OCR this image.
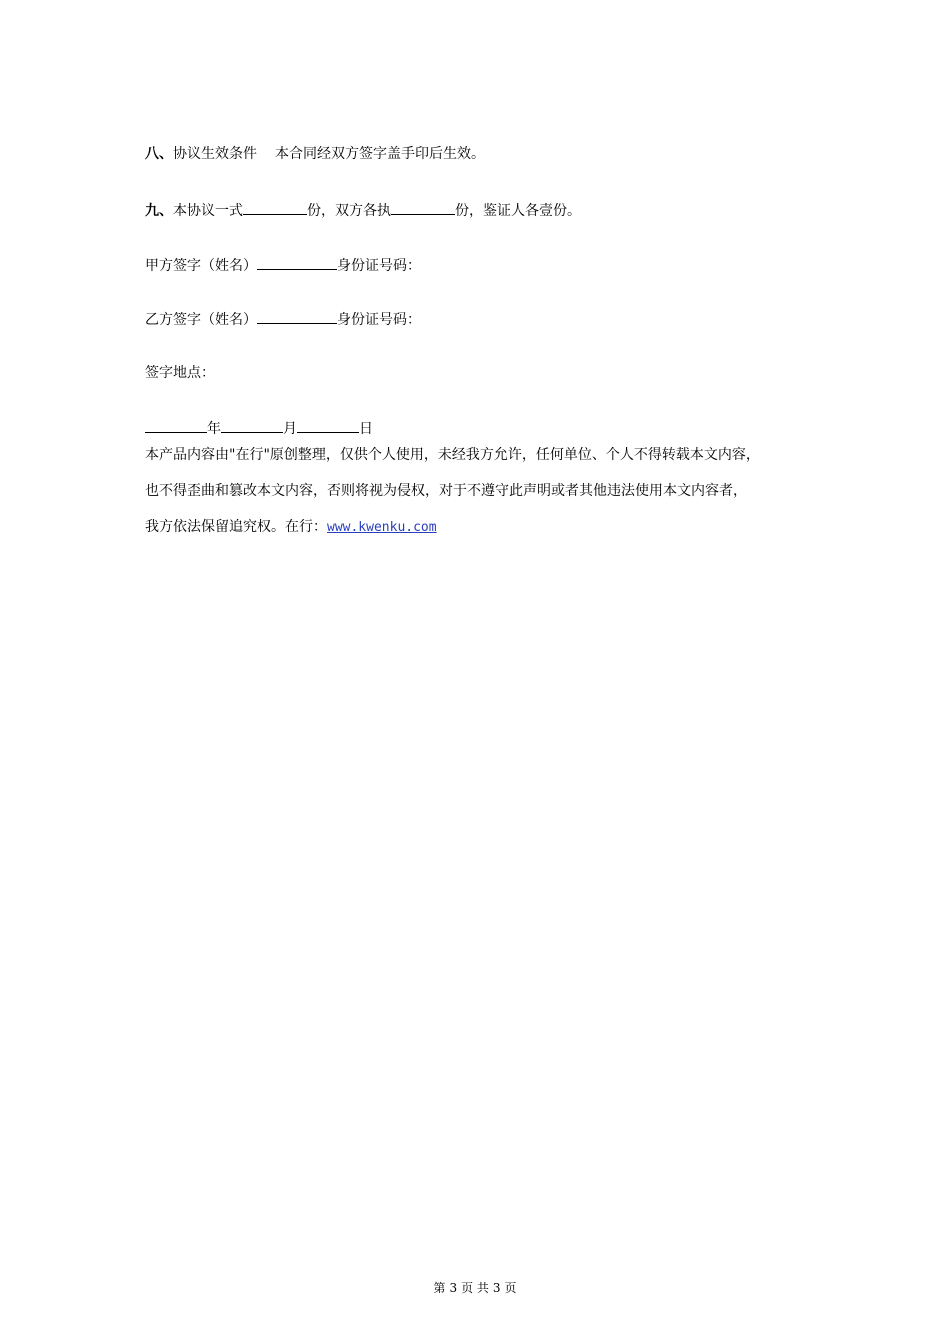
八、协议生效条件 本合同经双方签字盖手印后生效。
九、本协议一式	份，双方各执	份，鉴证人各壹份。
甲方签字（姓名）	身份证号码：
乙方签字（姓名）	身份证号码：
签字地点：
年	月	日
本产品内容由"在行"原创整理，仅供个人使用，未经我方允许，任何单位、个人不得转载本文内容，
也不得歪曲和篡改本文内容，否则将视为侵权，对于不遵守此声明或者其他违法使用本文内容者，
我方依法保留追究权。在行：www.kwenku.com
第 3 页 共 3 页
